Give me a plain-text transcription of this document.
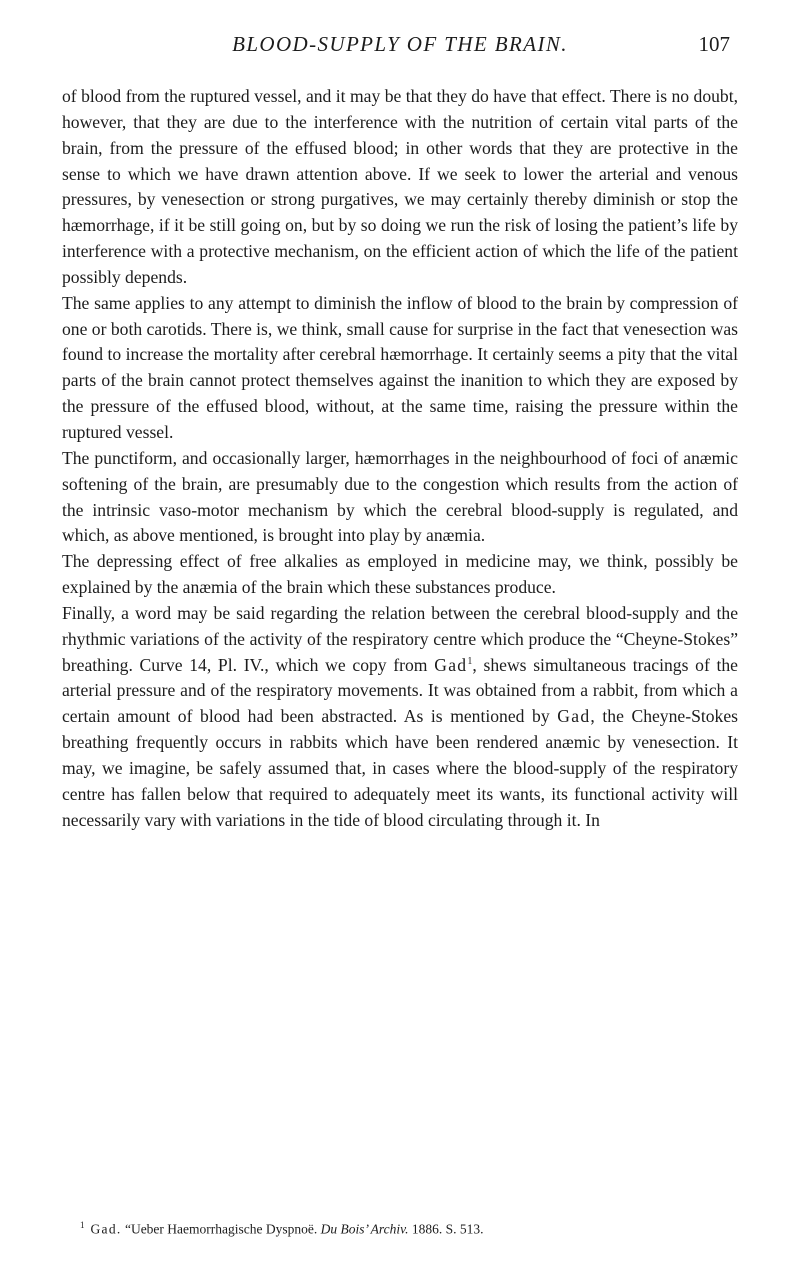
BLOOD-SUPPLY OF THE BRAIN.	107

of blood from the ruptured vessel, and it may be that they do have that effect. There is no doubt, however, that they are due to the interference with the nutrition of certain vital parts of the brain, from the pressure of the effused blood; in other words that they are protective in the sense to which we have drawn attention above. If we seek to lower the arterial and venous pressures, by venesection or strong purgatives, we may certainly thereby diminish or stop the hæmorrhage, if it be still going on, but by so doing we run the risk of losing the patient’s life by interference with a protective mechanism, on the efficient action of which the life of the patient possibly depends.

The same applies to any attempt to diminish the inflow of blood to the brain by compression of one or both carotids. There is, we think, small cause for surprise in the fact that venesection was found to increase the mortality after cerebral hæmorrhage. It certainly seems a pity that the vital parts of the brain cannot protect themselves against the inanition to which they are exposed by the pressure of the effused blood, without, at the same time, raising the pressure within the ruptured vessel.

The punctiform, and occasionally larger, hæmorrhages in the neighbourhood of foci of anæmic softening of the brain, are presumably due to the congestion which results from the action of the intrinsic vaso-motor mechanism by which the cerebral blood-supply is regulated, and which, as above mentioned, is brought into play by anæmia.

The depressing effect of free alkalies as employed in medicine may, we think, possibly be explained by the anæmia of the brain which these substances produce.

Finally, a word may be said regarding the relation between the cerebral blood-supply and the rhythmic variations of the activity of the respiratory centre which produce the “Cheyne-Stokes” breathing. Curve 14, Pl. IV., which we copy from Gad$^1$, shews simultaneous tracings of the arterial pressure and of the respiratory movements. It was obtained from a rabbit, from which a certain amount of blood had been abstracted. As is mentioned by Gad, the Cheyne-Stokes breathing frequently occurs in rabbits which have been rendered anæmic by venesection. It may, we imagine, be safely assumed that, in cases where the blood-supply of the respiratory centre has fallen below that required to adequately meet its wants, its functional activity will necessarily vary with variations in the tide of blood circulating through it. In

$^1$ Gad. “Ueber Haemorrhagische Dyspnoë. Du Bois’ Archiv. 1886. S. 513.
